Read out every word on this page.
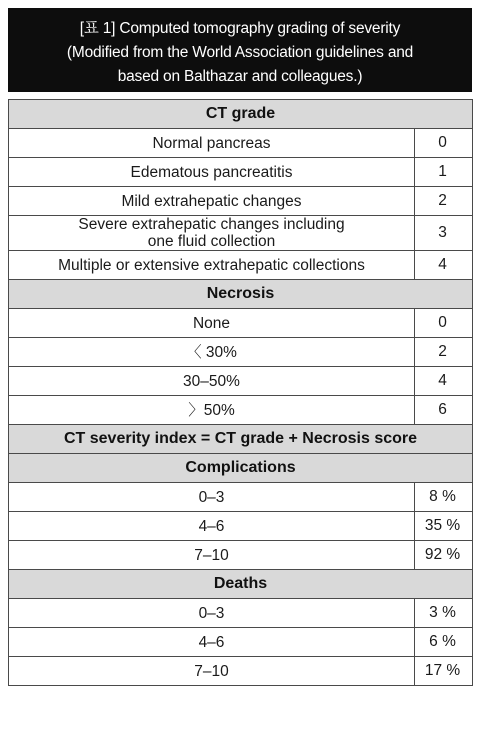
[표 1] Computed tomography grading of severity
(Modified from the World Association guidelines and
based on Balthazar and colleagues.)
CT grade	
Normal pancreas	0
Edematous pancreatitis	1
Mild extrahepatic changes	2

Severe extrahepatic changes including
one fluid collection	3
Multiple or extensive extrahepatic collections	4
Necrosis	
None	0
〈 30%	2
30–50%	4
〉50%	6
CT severity index = CT grade + Necrosis score	
Complications	
0–3	8 %
4–6	35 %
7–10	92 %
Deaths	
0–3	3 %
4–6	6 %
7–10	17 %
